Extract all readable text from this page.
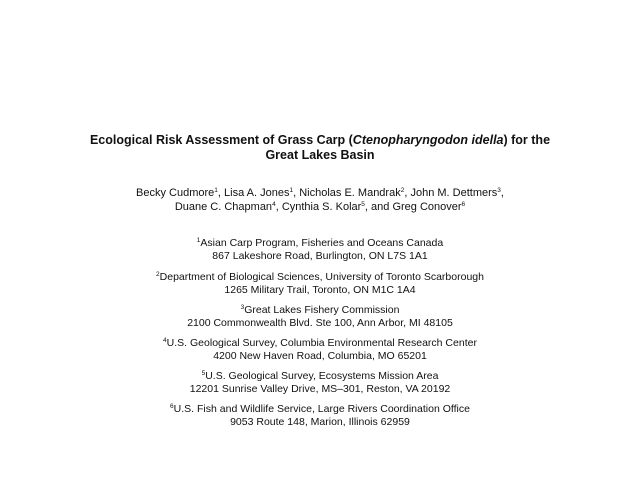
Ecological Risk Assessment of Grass Carp (Ctenopharyngodon idella) for the
Great Lakes Basin
Becky Cudmore$^1$, Lisa A. Jones$^1$, Nicholas E. Mandrak$^2$, John M. Dettmers$^3$,
Duane C. Chapman$^4$, Cynthia S. Kolar$^5$, and Greg Conover$^6$
$^1$Asian Carp Program, Fisheries and Oceans Canada
867 Lakeshore Road, Burlington, ON L7S 1A1
$^2$Department of Biological Sciences, University of Toronto Scarborough
1265 Military Trail, Toronto, ON M1C 1A4
$^3$Great Lakes Fishery Commission
2100 Commonwealth Blvd. Ste 100, Ann Arbor, MI 48105
$^4$U.S. Geological Survey, Columbia Environmental Research Center
4200 New Haven Road, Columbia, MO 65201
$^5$U.S. Geological Survey, Ecosystems Mission Area
12201 Sunrise Valley Drive, MS–301, Reston, VA 20192
$^6$U.S. Fish and Wildlife Service, Large Rivers Coordination Office
9053 Route 148, Marion, Illinois 62959
